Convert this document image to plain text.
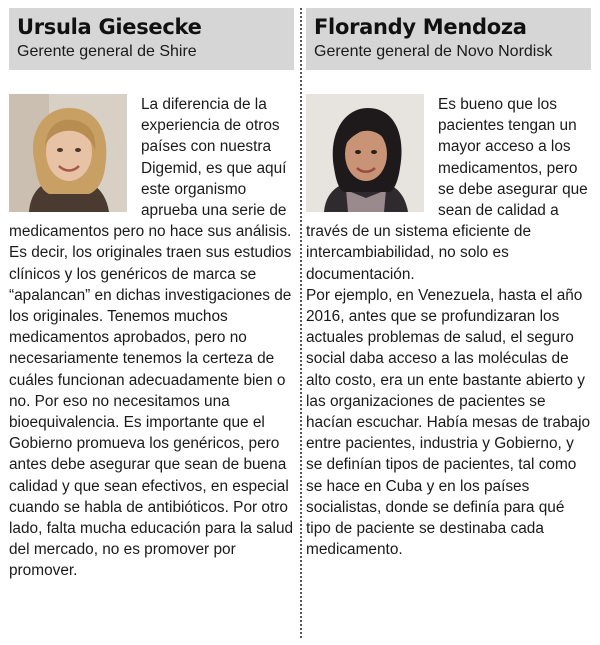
Ursula Giesecke
Gerente general de Shire

La diferencia de la experiencia de otros países con nuestra Digemid, es que aquí este organismo aprueba una serie de medicamentos pero no hace sus análisis. Es decir, los originales traen sus estudios clínicos y los genéricos de marca se “apalancan” en dichas investigaciones de los originales. Tenemos muchos medicamentos aprobados, pero no necesariamente tenemos la certeza de cuáles funcionan adecuadamente bien o no. Por eso no necesitamos una bioequivalencia. Es importante que el Gobierno promueva los genéricos, pero antes debe asegurar que sean de buena calidad y que sean efectivos, en especial cuando se habla de antibióticos. Por otro lado, falta mucha educación para la salud del mercado, no es promover por promover.

Florandy Mendoza
Gerente general de Novo Nordisk

Es bueno que los pacientes tengan un mayor acceso a los medicamentos, pero se debe asegurar que sean de calidad a través de un sistema eficiente de intercambiabilidad, no solo es documentación.

Por ejemplo, en Venezuela, hasta el año 2016, antes que se profundizaran los actuales problemas de salud, el seguro social daba acceso a las moléculas de alto costo, era un ente bastante abierto y las organizaciones de pacientes se hacían escuchar. Había mesas de trabajo entre pacientes, industria y Gobierno, y se definían tipos de pacientes, tal como se hace en Cuba y en los países socialistas, donde se definía para qué tipo de paciente se destinaba cada medicamento.
